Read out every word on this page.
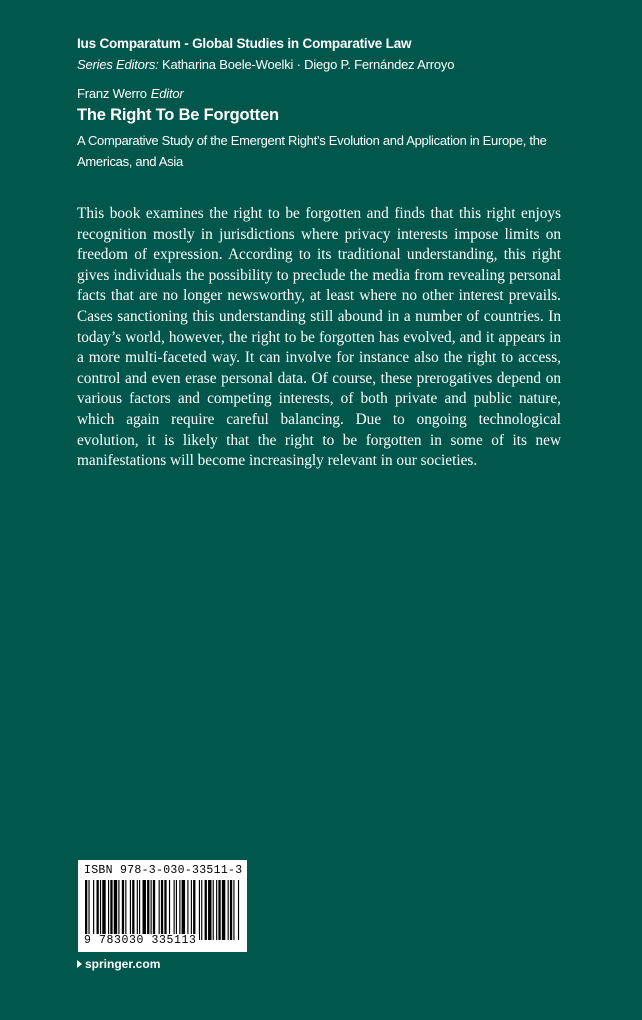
Ius Comparatum - Global Studies in Comparative Law
Series Editors: Katharina Boele-Woelki · Diego P. Fernández Arroyo
Franz Werro Editor
The Right To Be Forgotten
A Comparative Study of the Emergent Right’s Evolution and Application in Europe, the Americas, and Asia
This book examines the right to be forgotten and finds that this right enjoys recognition mostly in jurisdictions where privacy interests impose limits on freedom of expression. According to its traditional understanding, this right gives individuals the possibility to preclude the media from revealing personal facts that are no longer newsworthy, at least where no other interest prevails. Cases sanctioning this understanding still abound in a number of countries. In today’s world, however, the right to be forgotten has evolved, and it appears in a more multi-faceted way. It can involve for instance also the right to access, control and even erase personal data. Of course, these prerogatives depend on various factors and competing interests, of both private and public nature, which again require careful balancing. Due to ongoing technological evolution, it is likely that the right to be forgotten in some of its new manifestations will become increasingly relevant in our societies.
ISBN 978-3-030-33511-3
9 783030 335113
springer.com
